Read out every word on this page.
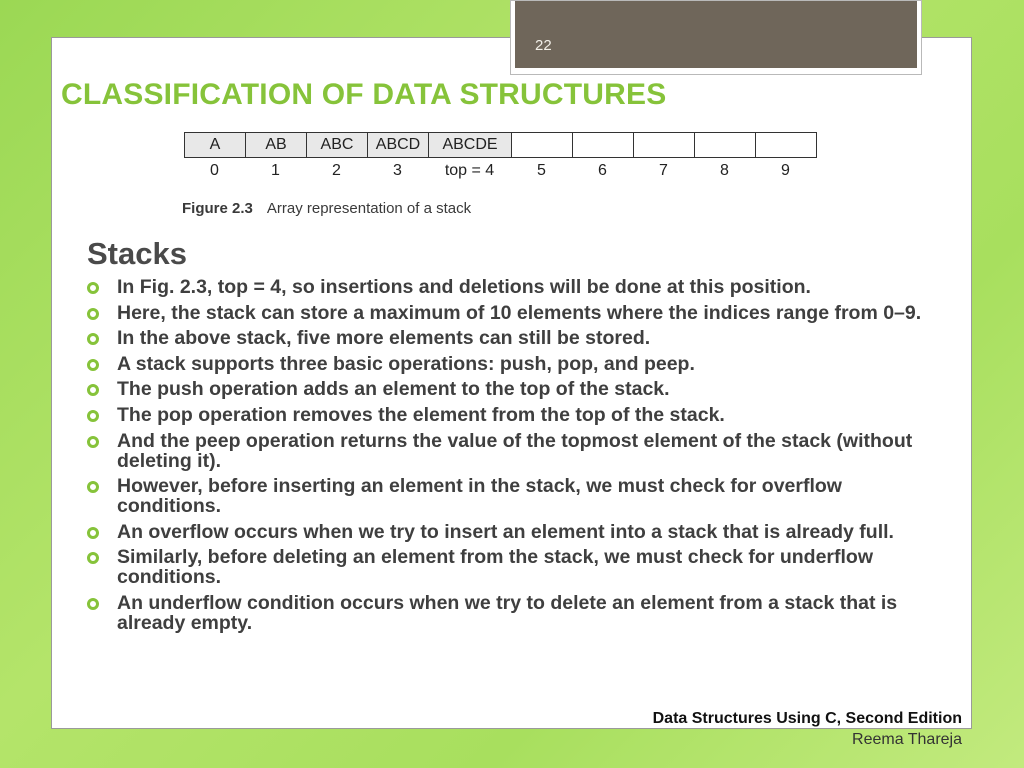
22
CLASSIFICATION OF DATA STRUCTURES
A	AB	ABC	ABCD	ABCDE
0	1	2	3	top = 4	5	6	7	8	9
Figure 2.3 Array representation of a stack
Stacks
In Fig. 2.3, top = 4, so insertions and deletions will be done at this position.
Here, the stack can store a maximum of 10 elements where the indices range from 0–9.
In the above stack, five more elements can still be stored.
A stack supports three basic operations: push, pop, and peep.
The push operation adds an element to the top of the stack.
The pop operation removes the element from the top of the stack.
And the peep operation returns the value of the topmost element of the stack (without deleting it).
However, before inserting an element in the stack, we must check for overflow conditions.
An overflow occurs when we try to insert an element into a stack that is already full.
Similarly, before deleting an element from the stack, we must check for underflow conditions.
An underflow condition occurs when we try to delete an element from a stack that is already empty.
Data Structures Using C, Second Edition
Reema Thareja
